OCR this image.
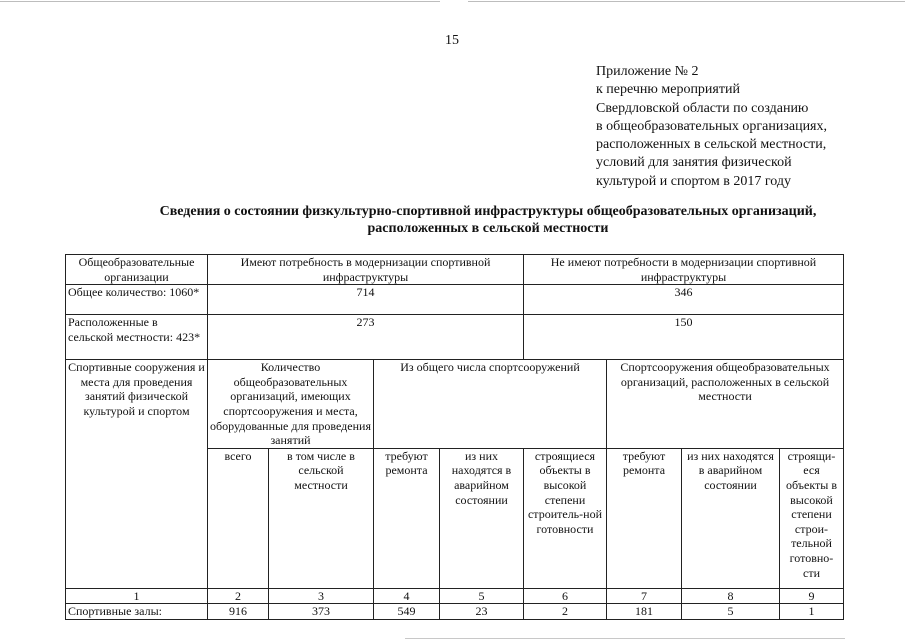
15
Приложение № 2
к перечню мероприятий
Свердловской области по созданию
в общеобразовательных организациях,
расположенных в сельской местности,
условий для занятия физической
культурой и спортом в 2017 году
Сведения о состоянии физкультурно-спортивной инфраструктуры общеобразовательных организаций,
расположенных в сельской местности
Общеобразовательные организации	Имеют потребность в модернизации спортивной инфраструктуры				Не имеют потребности в модернизации спортивной инфраструктуры			
Общее количество: 1060*	714				346			
Расположенные в сельской местности: 423*	273				150			
Спортивные сооружения и места для проведения занятий физической культурой и спортом	Количество общеобразовательных организаций, имеющих спортсооружения и места, оборудованные для проведения занятий		Из общего числа спортсооружений			Спортсооружения общеобразовательных организаций, расположенных в сельской местности		
	всего	в том числе в сельской местности	требуют ремонта	из них находятся в аварийном состоянии	строящиеся объекты в высокой степени строитель-ной готовности	требуют ремонта	из них находятся в аварийном состоянии	строящи-еся объекты в высокой степени строи-тельной готовно-сти
1	2	3	4	5	6	7	8	9
Спортивные залы:	916	373	549	23	2	181	5	1
